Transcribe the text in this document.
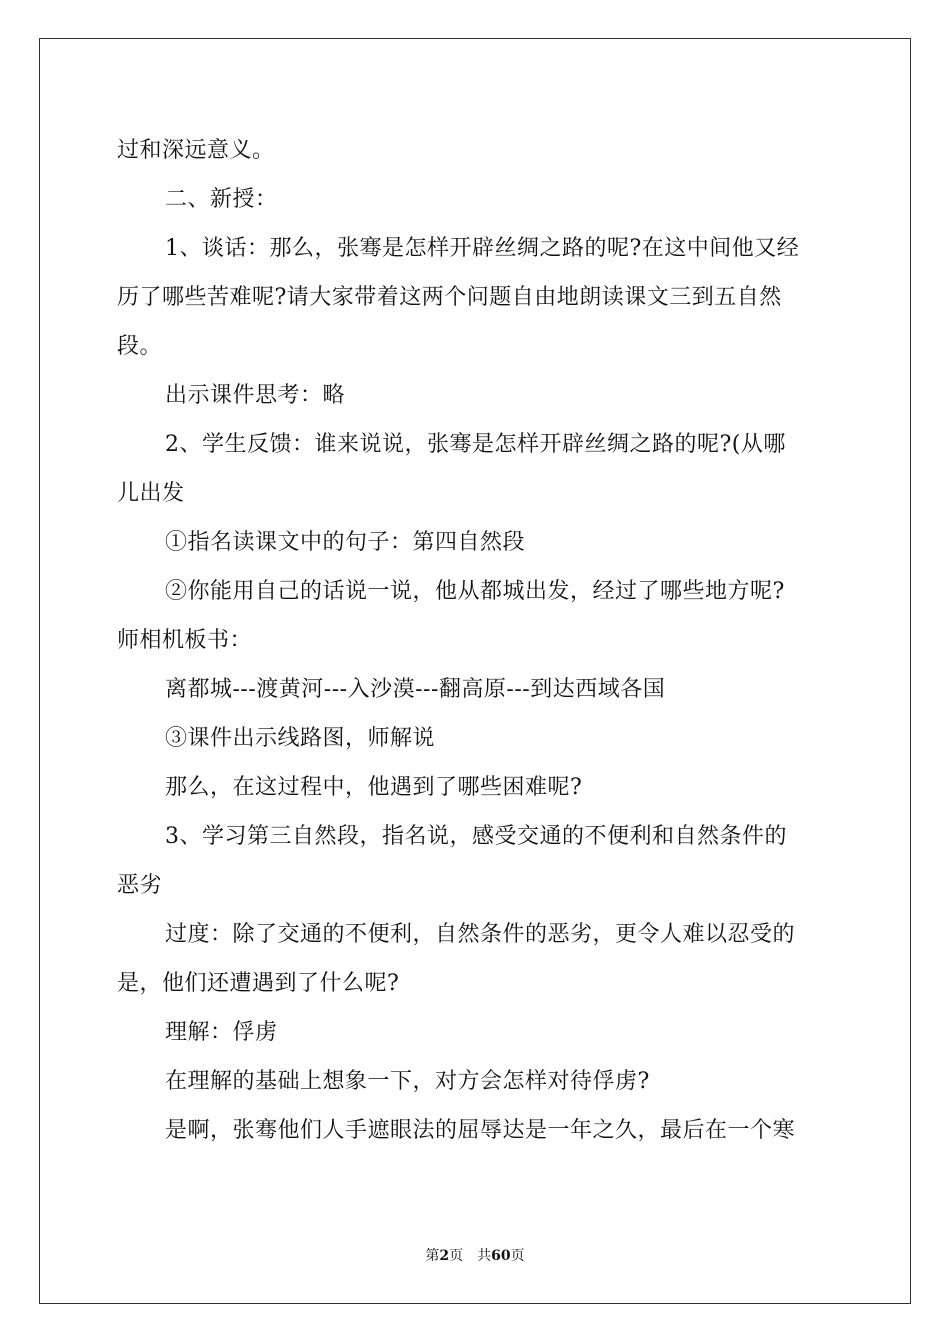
过和深远意义。
二、新授：
1、谈话：那么，张骞是怎样开辟丝绸之路的呢?在这中间他又经
历了哪些苦难呢?请大家带着这两个问题自由地朗读课文三到五自然
段。
出示课件思考：略
2、学生反馈：谁来说说，张骞是怎样开辟丝绸之路的呢?(从哪
儿出发
①指名读课文中的句子：第四自然段
②你能用自己的话说一说，他从都城出发，经过了哪些地方呢?
师相机板书：
离都城---渡黄河---入沙漠---翻高原---到达西域各国
③课件出示线路图，师解说
那么，在这过程中，他遇到了哪些困难呢?
3、学习第三自然段，指名说，感受交通的不便利和自然条件的
恶劣
过度：除了交通的不便利，自然条件的恶劣，更令人难以忍受的
是，他们还遭遇到了什么呢?
理解：俘虏
在理解的基础上想象一下，对方会怎样对待俘虏?
是啊，张骞他们人手遮眼法的屈辱达是一年之久，最后在一个寒
第2页 共60页
